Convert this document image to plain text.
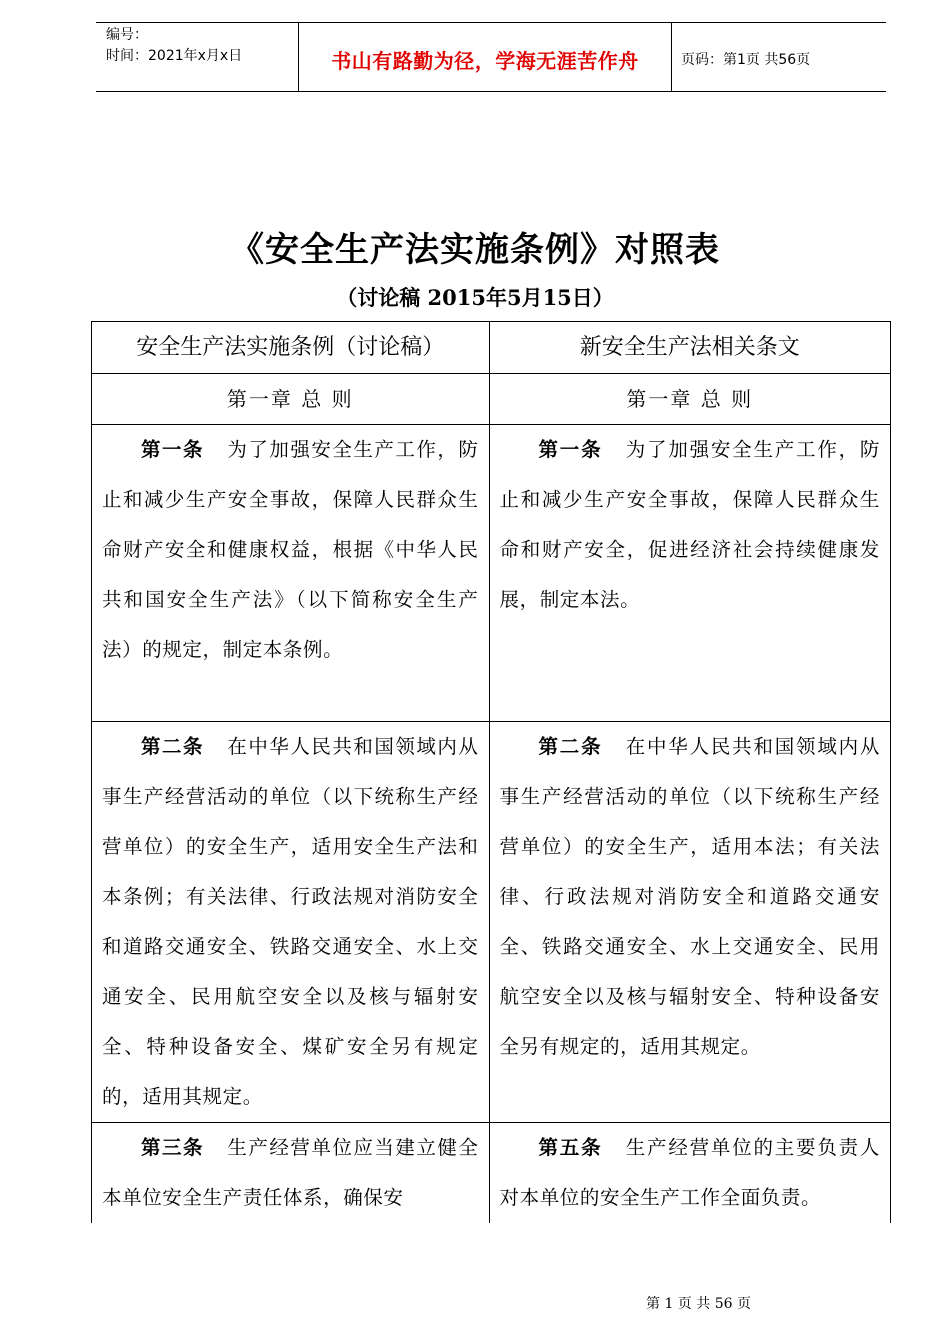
编号：
时间：2021年x月x日	书山有路勤为径，学海无涯苦作舟	页码：第1页 共56页
《安全生产法实施条例》对照表
（讨论稿 2015年5月15日）
安全生产法实施条例（讨论稿）	新安全生产法相关条文

第一章 总 则	第一章 总 则

第一条 为了加强安全生产工作，防止和减少生产安全事故，保障人民群众生命财产安全和健康权益，根据《中华人民共和国安全生产法》（以下简称安全生产法）的规定，制定本条例。	第一条 为了加强安全生产工作，防止和减少生产安全事故，保障人民群众生命和财产安全，促进经济社会持续健康发展，制定本法。

第二条 在中华人民共和国领域内从事生产经营活动的单位（以下统称生产经营单位）的安全生产，适用安全生产法和本条例；有关法律、行政法规对消防安全和道路交通安全、铁路交通安全、水上交通安全、民用航空安全以及核与辐射安全、特种设备安全、煤矿安全另有规定的，适用其规定。	第二条 在中华人民共和国领域内从事生产经营活动的单位（以下统称生产经营单位）的安全生产，适用本法；有关法律、行政法规对消防安全和道路交通安全、铁路交通安全、水上交通安全、民用航空安全以及核与辐射安全、特种设备安全另有规定的，适用其规定。

第三条 生产经营单位应当建立健全本单位安全生产责任体系，确保安	第五条 生产经营单位的主要负责人对本单位的安全生产工作全面负责。
第 1 页 共 56 页
